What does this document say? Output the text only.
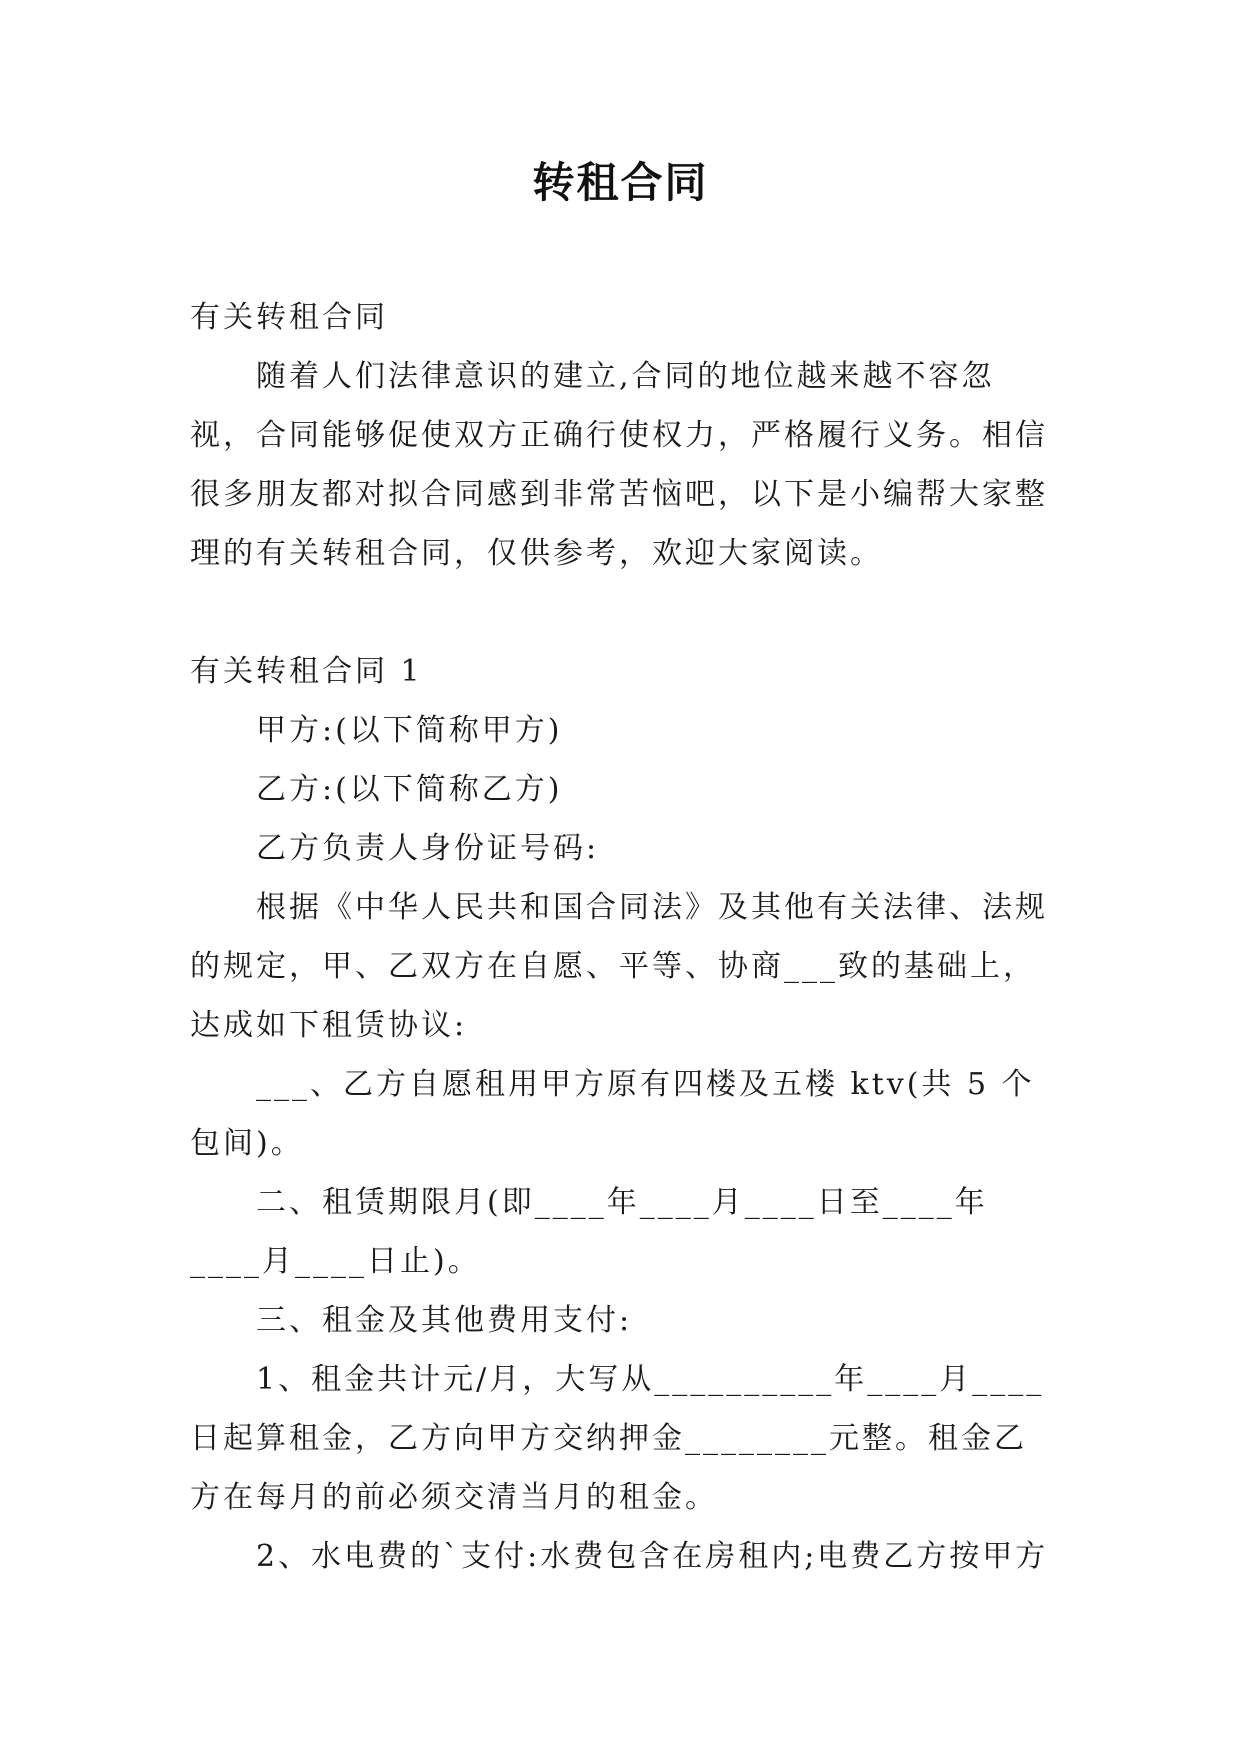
转租合同

有关转租合同

随着人们法律意识的建立,合同的地位越来越不容忽视，合同能够促使双方正确行使权力，严格履行义务。相信很多朋友都对拟合同感到非常苦恼吧，以下是小编帮大家整理的有关转租合同，仅供参考，欢迎大家阅读。

有关转租合同 1

甲方:(以下简称甲方)

乙方:(以下简称乙方)

乙方负责人身份证号码:

根据《中华人民共和国合同法》及其他有关法律、法规的规定，甲、乙双方在自愿、平等、协商___致的基础上，达成如下租赁协议:

___、乙方自愿租用甲方原有四楼及五楼 ktv(共 5 个包间)。

二、租赁期限月(即____年____月____日至____年____月____日止)。

三、租金及其他费用支付:

1、租金共计元/月，大写从__________年____月____日起算租金，乙方向甲方交纳押金________元整。租金乙方在每月的前必须交清当月的租金。

2、水电费的`支付:水费包含在房租内;电费乙方按甲方
